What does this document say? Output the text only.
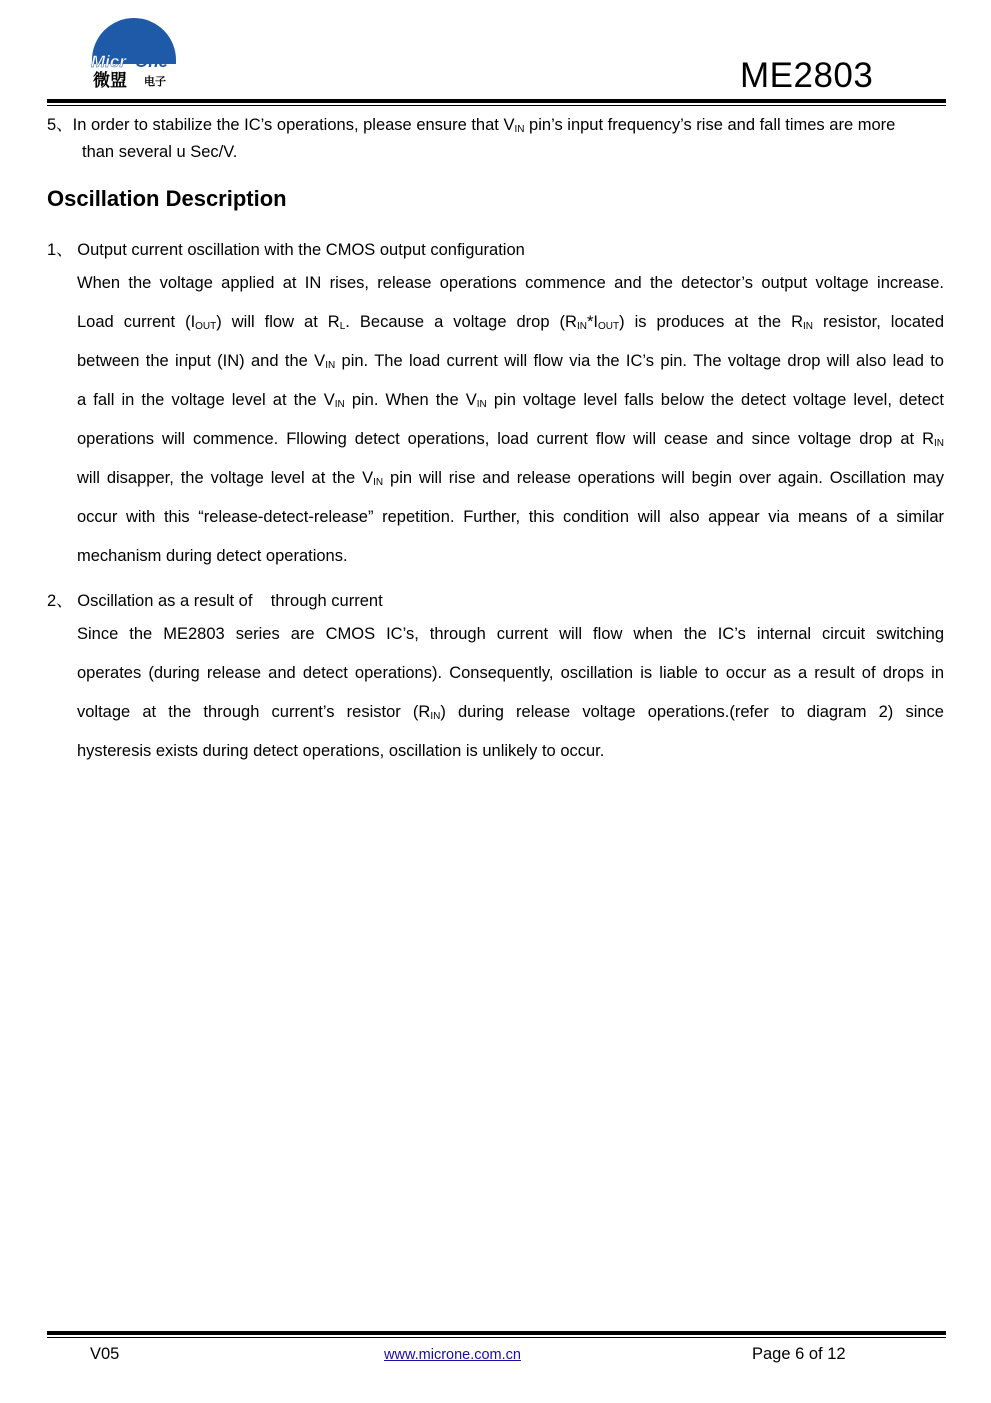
Micr One
微盟 电子	ME2803
5、In order to stabilize the IC’s operations, please ensure that $V_{IN}$ pin’s input frequency’s rise and fall times are more
than several u Sec/V.
Oscillation Description
1、 Output current oscillation with the CMOS output configuration
When the voltage applied at IN rises, release operations commence and the detector’s output voltage increase.
Load current $(I_{OUT})$ will flow at $R_L$. Because a voltage drop $(R_{IN}*I_{OUT})$ is produces at the $R_{IN}$ resistor, located
between the input (IN) and the $V_{IN}$ pin. The load current will flow via the IC’s pin. The voltage drop will also lead to
a fall in the voltage level at the $V_{IN}$ pin. When the $V_{IN}$ pin voltage level falls below the detect voltage level, detect
operations will commence. Fllowing detect operations, load current flow will cease and since voltage drop at $R_{IN}$
will disapper, the voltage level at the $V_{IN}$ pin will rise and release operations will begin over again. Oscillation may
occur with this “release-detect-release” repetition. Further, this condition will also appear via means of a similar
mechanism during detect operations.
2、 Oscillation as a result of    through current
Since the ME2803 series are CMOS IC’s, through current will flow when the IC’s internal circuit switching
operates (during release and detect operations). Consequently, oscillation is liable to occur as a result of drops in
voltage at the through current’s resistor $(R_{IN})$ during release voltage operations.(refer to diagram 2) since
hysteresis exists during detect operations, oscillation is unlikely to occur.
V05	www.microne.com.cn	Page 6 of 12
